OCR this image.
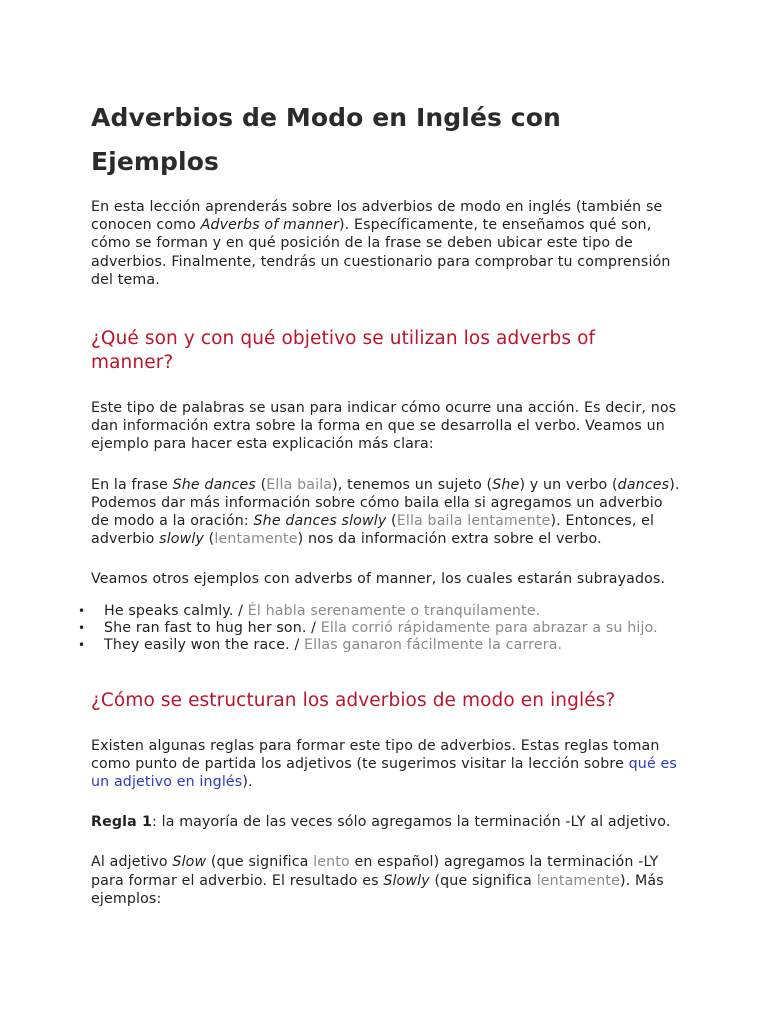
Adverbios de Modo en Inglés con Ejemplos

En esta lección aprenderás sobre los adverbios de modo en inglés (también se conocen como Adverbs of manner). Específicamente, te enseñamos qué son, cómo se forman y en qué posición de la frase se deben ubicar este tipo de adverbios. Finalmente, tendrás un cuestionario para comprobar tu comprensión del tema.

¿Qué son y con qué objetivo se utilizan los adverbs of manner?

Este tipo de palabras se usan para indicar cómo ocurre una acción. Es decir, nos dan información extra sobre la forma en que se desarrolla el verbo. Veamos un ejemplo para hacer esta explicación más clara:

En la frase She dances (Ella baila), tenemos un sujeto (She) y un verbo (dances). Podemos dar más información sobre cómo baila ella si agregamos un adverbio de modo a la oración: She dances slowly (Ella baila lentamente). Entonces, el adverbio slowly (lentamente) nos da información extra sobre el verbo.

Veamos otros ejemplos con adverbs of manner, los cuales estarán subrayados.

• He speaks calmly. / Él habla serenamente o tranquilamente.
• She ran fast to hug her son. / Ella corrió rápidamente para abrazar a su hijo.
• They easily won the race. / Ellas ganaron fácilmente la carrera.
¿Cómo se estructuran los adverbios de modo en inglés?

Existen algunas reglas para formar este tipo de adverbios. Estas reglas toman como punto de partida los adjetivos (te sugerimos visitar la lección sobre qué es un adjetivo en inglés).

Regla 1: la mayoría de las veces sólo agregamos la terminación -LY al adjetivo.

Al adjetivo Slow (que significa lento en español) agregamos la terminación -LY para formar el adverbio. El resultado es Slowly (que significa lentamente). Más ejemplos:
